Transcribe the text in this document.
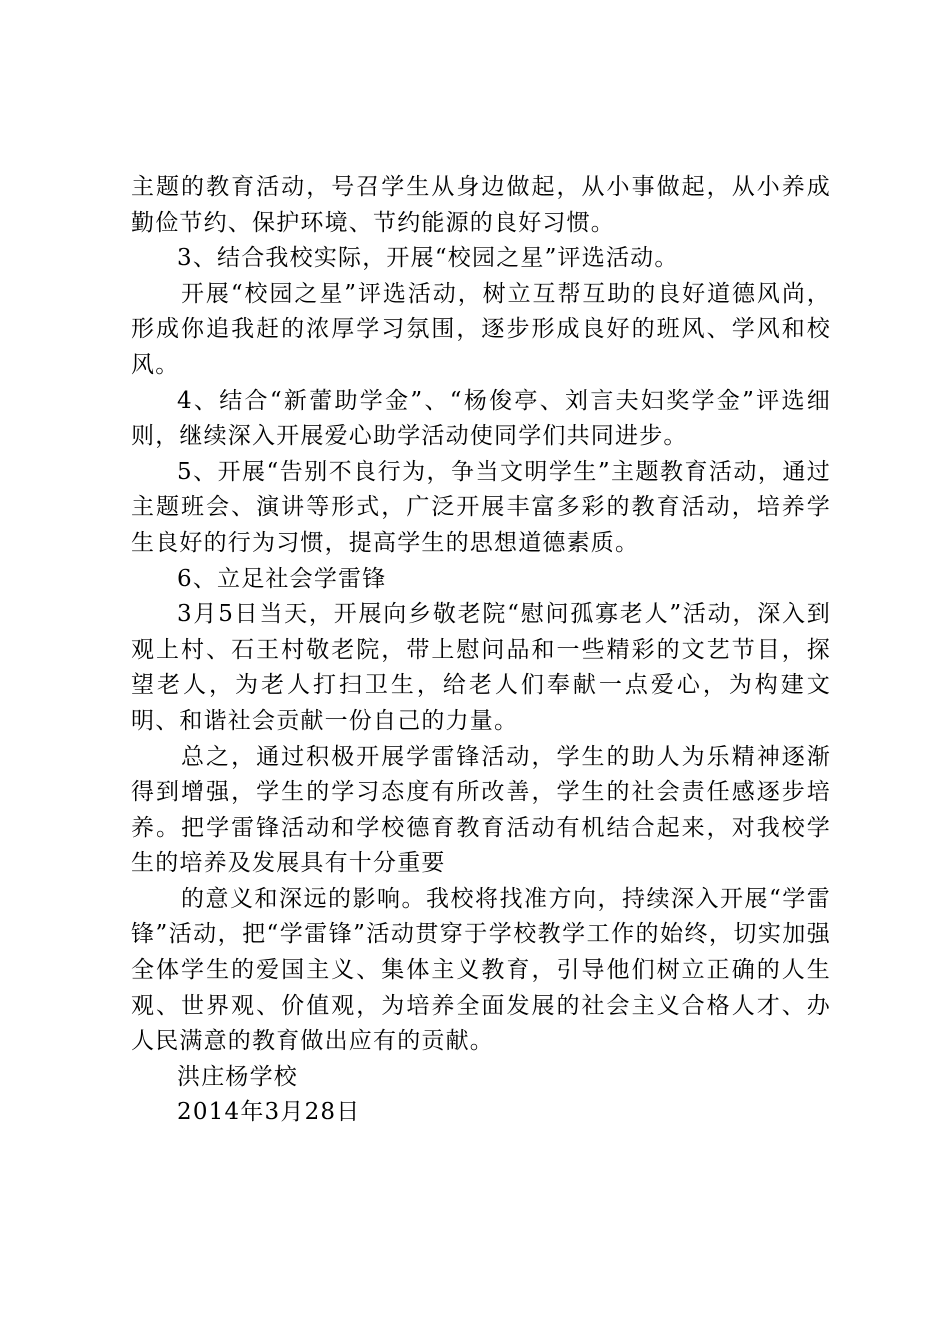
主题的教育活动，号召学生从身边做起，从小事做起，从小养成勤俭节约、保护环境、节约能源的良好习惯。

3、结合我校实际，开展“校园之星”评选活动。

开展“校园之星”评选活动，树立互帮互助的良好道德风尚，形成你追我赶的浓厚学习氛围，逐步形成良好的班风、学风和校风。

4、结合“新蕾助学金”、“杨俊亭、刘言夫妇奖学金”评选细则，继续深入开展爱心助学活动使同学们共同进步。

5、开展“告别不良行为，争当文明学生”主题教育活动，通过主题班会、演讲等形式，广泛开展丰富多彩的教育活动，培养学生良好的行为习惯，提高学生的思想道德素质。

6、立足社会学雷锋

3月5日当天，开展向乡敬老院“慰问孤寡老人”活动，深入到观上村、石王村敬老院，带上慰问品和一些精彩的文艺节目，探望老人，为老人打扫卫生，给老人们奉献一点爱心，为构建文明、和谐社会贡献一份自己的力量。

总之，通过积极开展学雷锋活动，学生的助人为乐精神逐渐得到增强，学生的学习态度有所改善，学生的社会责任感逐步培养。把学雷锋活动和学校德育教育活动有机结合起来，对我校学生的培养及发展具有十分重要

的意义和深远的影响。我校将找准方向，持续深入开展“学雷锋”活动，把“学雷锋”活动贯穿于学校教学工作的始终，切实加强全体学生的爱国主义、集体主义教育，引导他们树立正确的人生观、世界观、价值观，为培养全面发展的社会主义合格人才、办人民满意的教育做出应有的贡献。

洪庄杨学校

2014年3月28日
